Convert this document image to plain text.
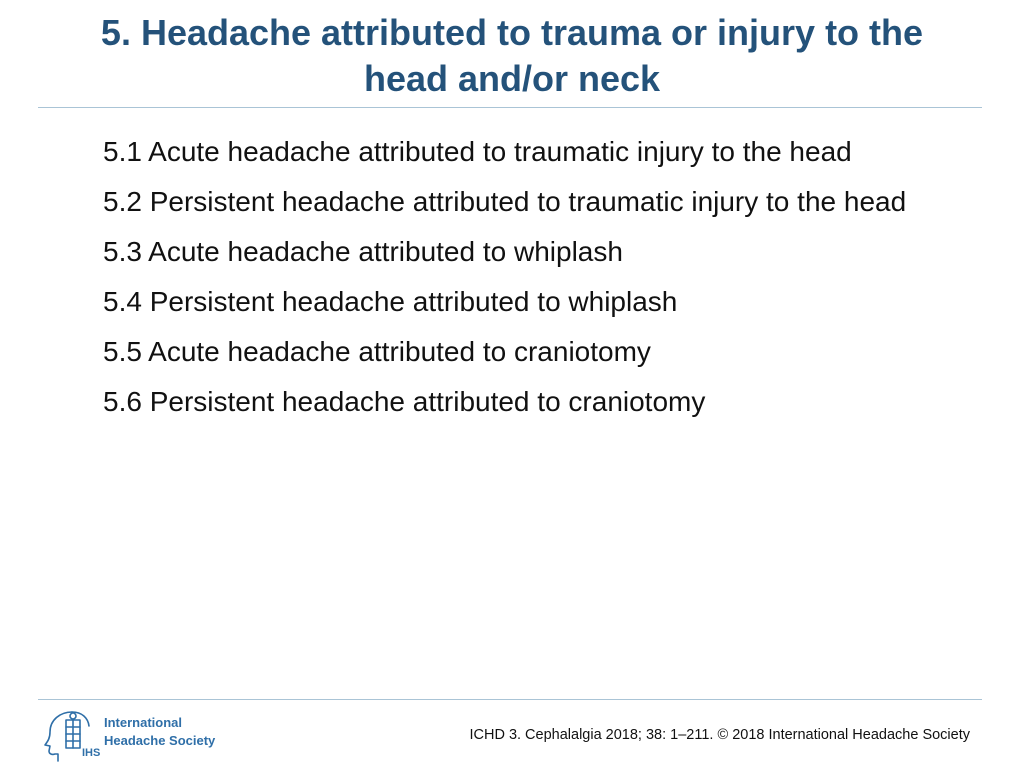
5. Headache attributed to trauma or injury to the head and/or neck
5.1 Acute headache attributed to traumatic injury to the head
5.2 Persistent headache attributed to traumatic injury to the head
5.3 Acute headache attributed to whiplash
5.4 Persistent headache attributed to whiplash
5.5 Acute headache attributed to craniotomy
5.6 Persistent headache attributed to craniotomy
IHS
International
Headache Society	ICHD 3. Cephalalgia 2018; 38: 1–211. © 2018 International Headache Society
